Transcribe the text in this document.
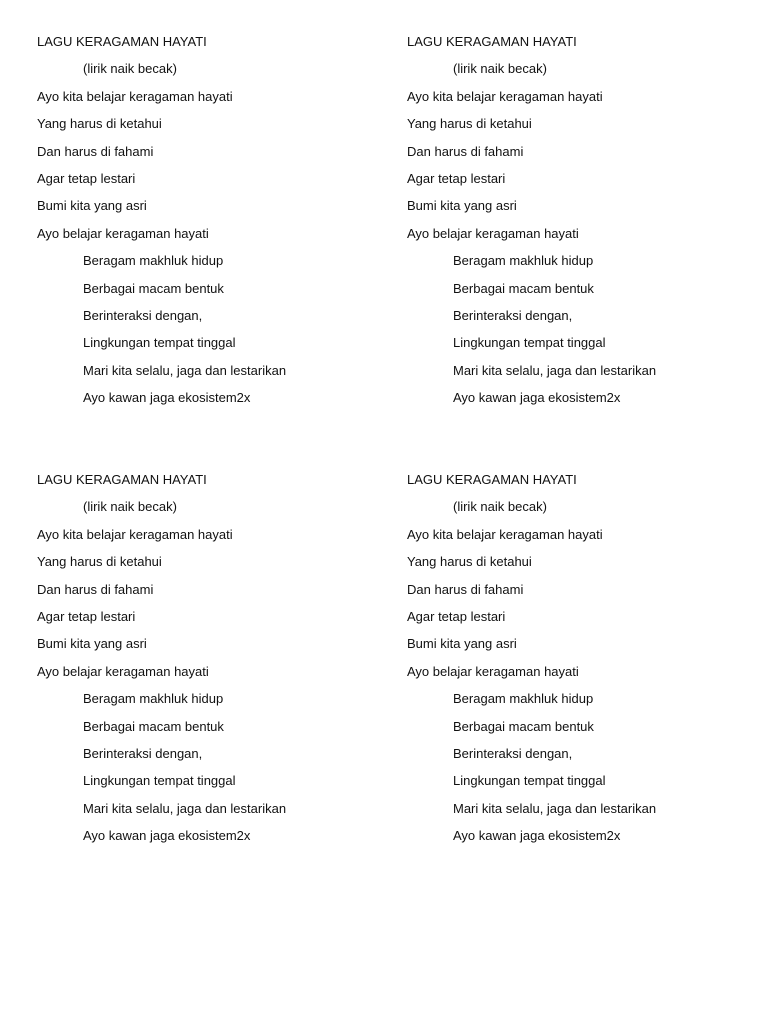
LAGU KERAGAMAN HAYATI
(lirik naik becak)
Ayo kita belajar keragaman hayati
Yang harus di ketahui
Dan harus di fahami
Agar tetap lestari
Bumi kita yang asri
Ayo belajar keragaman hayati
Beragam makhluk hidup
Berbagai macam bentuk
Berinteraksi dengan,
Lingkungan tempat tinggal
Mari kita selalu, jaga dan lestarikan
Ayo kawan jaga ekosistem2x
LAGU KERAGAMAN HAYATI
(lirik naik becak)
Ayo kita belajar keragaman hayati
Yang harus di ketahui
Dan harus di fahami
Agar tetap lestari
Bumi kita yang asri
Ayo belajar keragaman hayati
Beragam makhluk hidup
Berbagai macam bentuk
Berinteraksi dengan,
Lingkungan tempat tinggal
Mari kita selalu, jaga dan lestarikan
Ayo kawan jaga ekosistem2x
LAGU KERAGAMAN HAYATI
(lirik naik becak)
Ayo kita belajar keragaman hayati
Yang harus di ketahui
Dan harus di fahami
Agar tetap lestari
Bumi kita yang asri
Ayo belajar keragaman hayati
Beragam makhluk hidup
Berbagai macam bentuk
Berinteraksi dengan,
Lingkungan tempat tinggal
Mari kita selalu, jaga dan lestarikan
Ayo kawan jaga ekosistem2x
LAGU KERAGAMAN HAYATI
(lirik naik becak)
Ayo kita belajar keragaman hayati
Yang harus di ketahui
Dan harus di fahami
Agar tetap lestari
Bumi kita yang asri
Ayo belajar keragaman hayati
Beragam makhluk hidup
Berbagai macam bentuk
Berinteraksi dengan,
Lingkungan tempat tinggal
Mari kita selalu, jaga dan lestarikan
Ayo kawan jaga ekosistem2x
